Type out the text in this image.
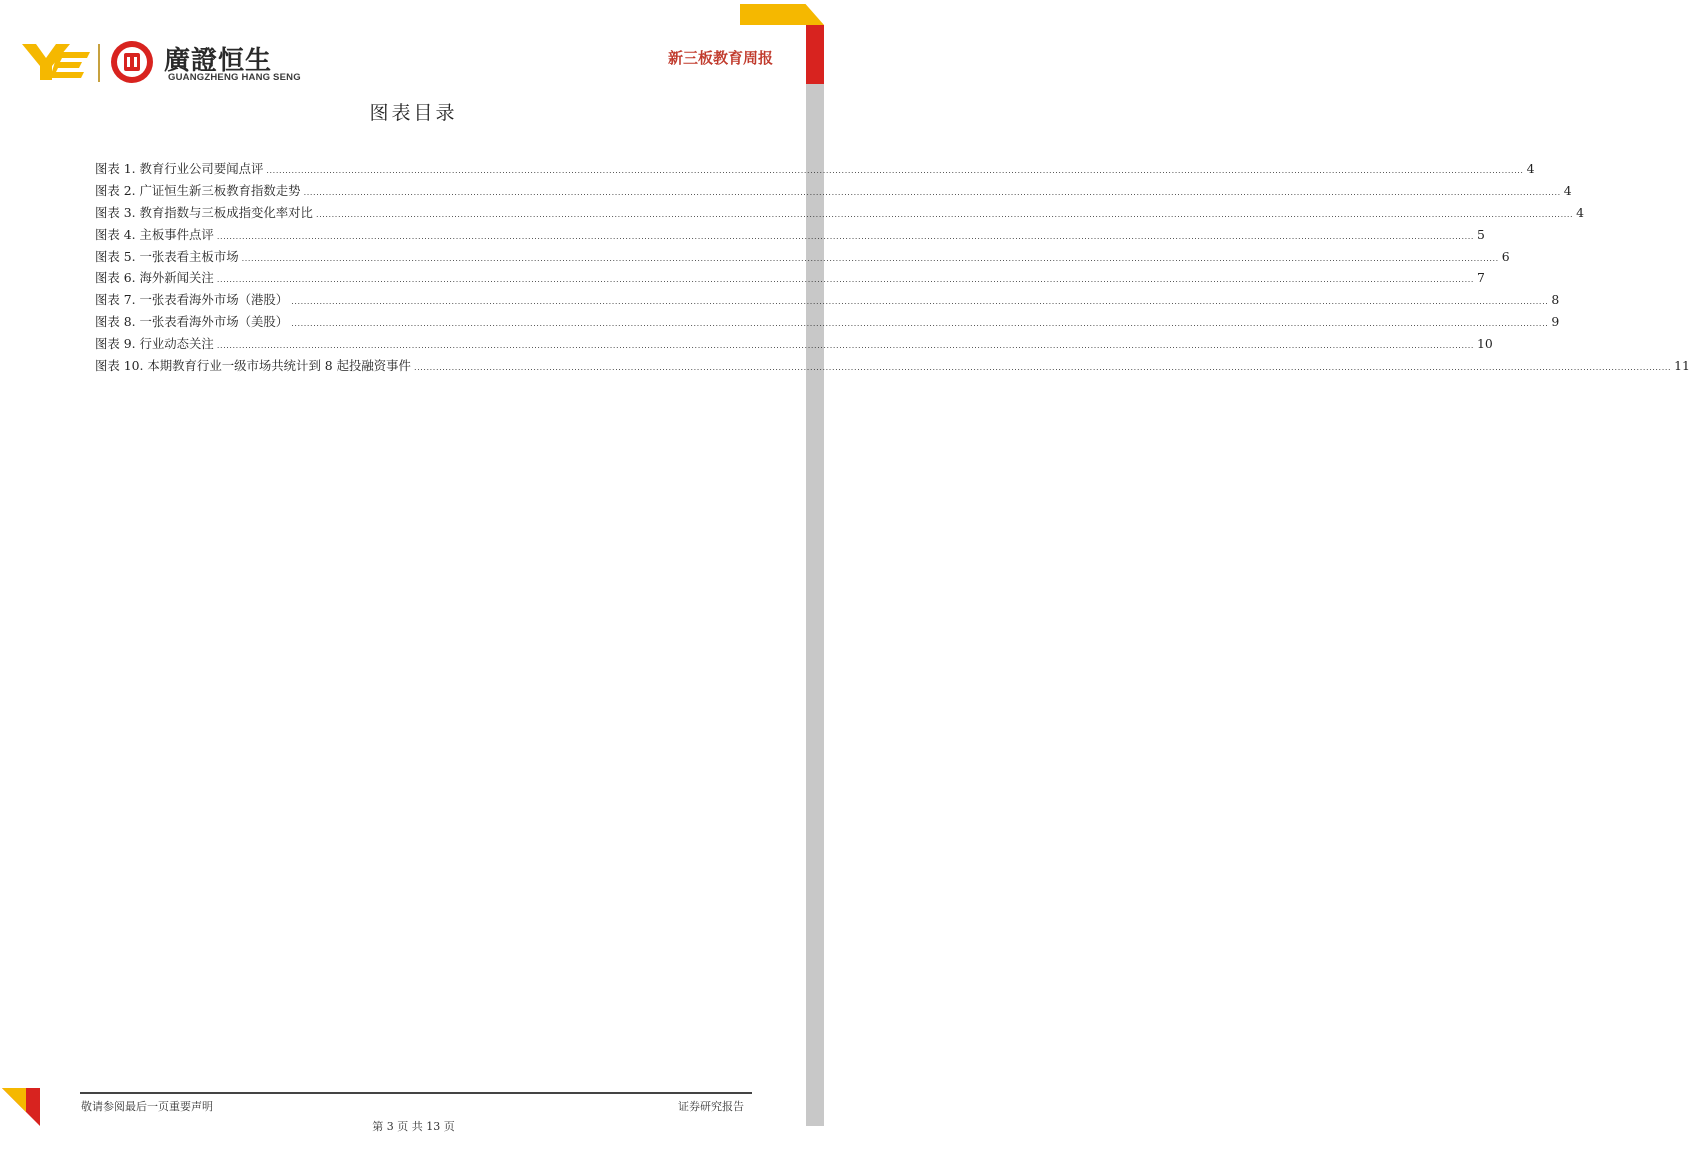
廣證恒生
GUANGZHENG HANG SENG
新三板教育周报
图表目录
图表 1. 教育行业公司要闻点评 ................................................................................................................................................................................................................................................................................................................................................................................................................ 4
图表 2. 广证恒生新三板教育指数走势 ................................................................................................................................................................................................................................................................................................................................................................................................................ 4
图表 3. 教育指数与三板成指变化率对比 ................................................................................................................................................................................................................................................................................................................................................................................................................ 4
图表 4. 主板事件点评 ................................................................................................................................................................................................................................................................................................................................................................................................................ 5
图表 5. 一张表看主板市场 ................................................................................................................................................................................................................................................................................................................................................................................................................ 6
图表 6. 海外新闻关注 ................................................................................................................................................................................................................................................................................................................................................................................................................ 7
图表 7. 一张表看海外市场（港股） ................................................................................................................................................................................................................................................................................................................................................................................................................ 8
图表 8. 一张表看海外市场（美股） ................................................................................................................................................................................................................................................................................................................................................................................................................ 9
图表 9. 行业动态关注 ................................................................................................................................................................................................................................................................................................................................................................................................................ 10
图表 10. 本期教育行业一级市场共统计到 8 起投融资事件 ................................................................................................................................................................................................................................................................................................................................................................................................................ 11
敬请参阅最后一页重要声明	证券研究报告
第 3 页 共 13 页
